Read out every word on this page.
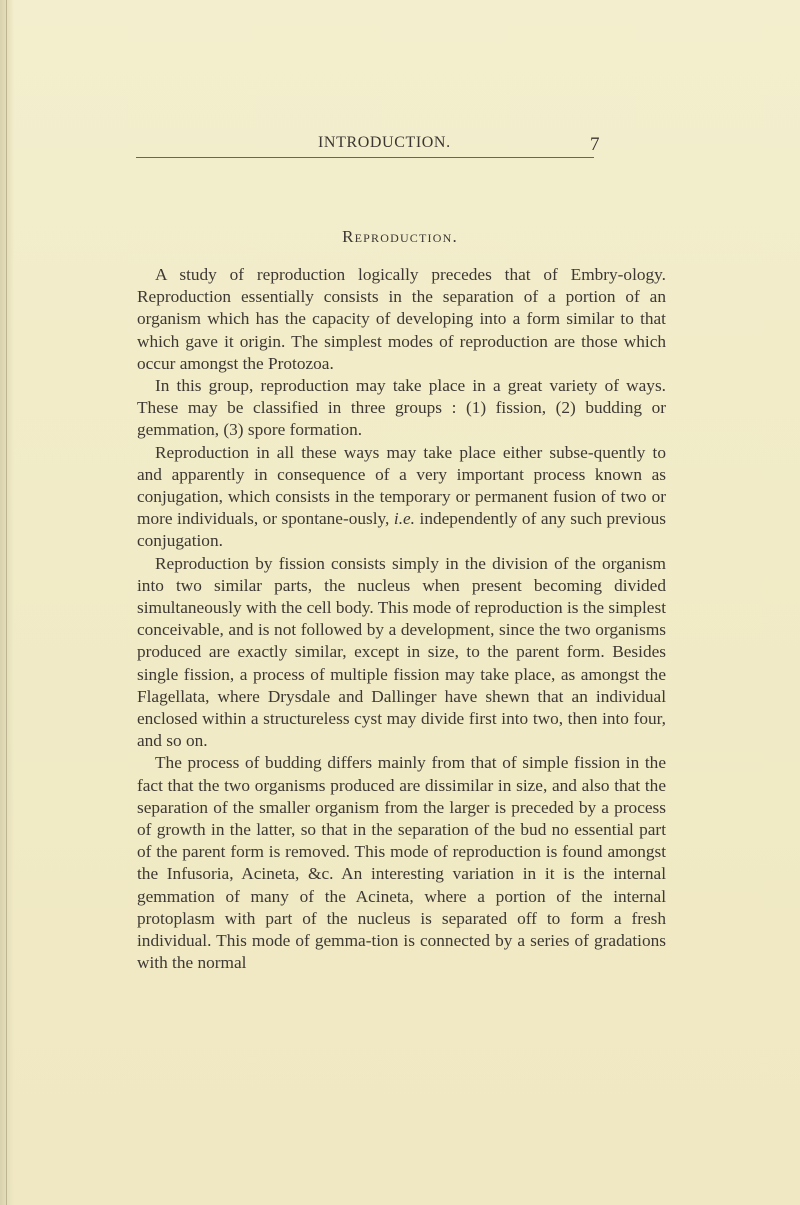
INTRODUCTION.	7
Reproduction.

A study of reproduction logically precedes that of Embry-ology. Reproduction essentially consists in the separation of a portion of an organism which has the capacity of developing into a form similar to that which gave it origin. The simplest modes of reproduction are those which occur amongst the Protozoa.

In this group, reproduction may take place in a great variety of ways. These may be classified in three groups : (1) fission, (2) budding or gemmation, (3) spore formation.

Reproduction in all these ways may take place either subse-quently to and apparently in consequence of a very important process known as conjugation, which consists in the temporary or permanent fusion of two or more individuals, or spontane-ously, i.e. independently of any such previous conjugation.

Reproduction by fission consists simply in the division of the organism into two similar parts, the nucleus when present becoming divided simultaneously with the cell body. This mode of reproduction is the simplest conceivable, and is not followed by a development, since the two organisms produced are exactly similar, except in size, to the parent form. Besides single fission, a process of multiple fission may take place, as amongst the Flagellata, where Drysdale and Dallinger have shewn that an individual enclosed within a structureless cyst may divide first into two, then into four, and so on.

The process of budding differs mainly from that of simple fission in the fact that the two organisms produced are dissimilar in size, and also that the separation of the smaller organism from the larger is preceded by a process of growth in the latter, so that in the separation of the bud no essential part of the parent form is removed. This mode of reproduction is found amongst the Infusoria, Acineta, &c. An interesting variation in it is the internal gemmation of many of the Acineta, where a portion of the internal protoplasm with part of the nucleus is separated off to form a fresh individual. This mode of gemma-tion is connected by a series of gradations with the normal
